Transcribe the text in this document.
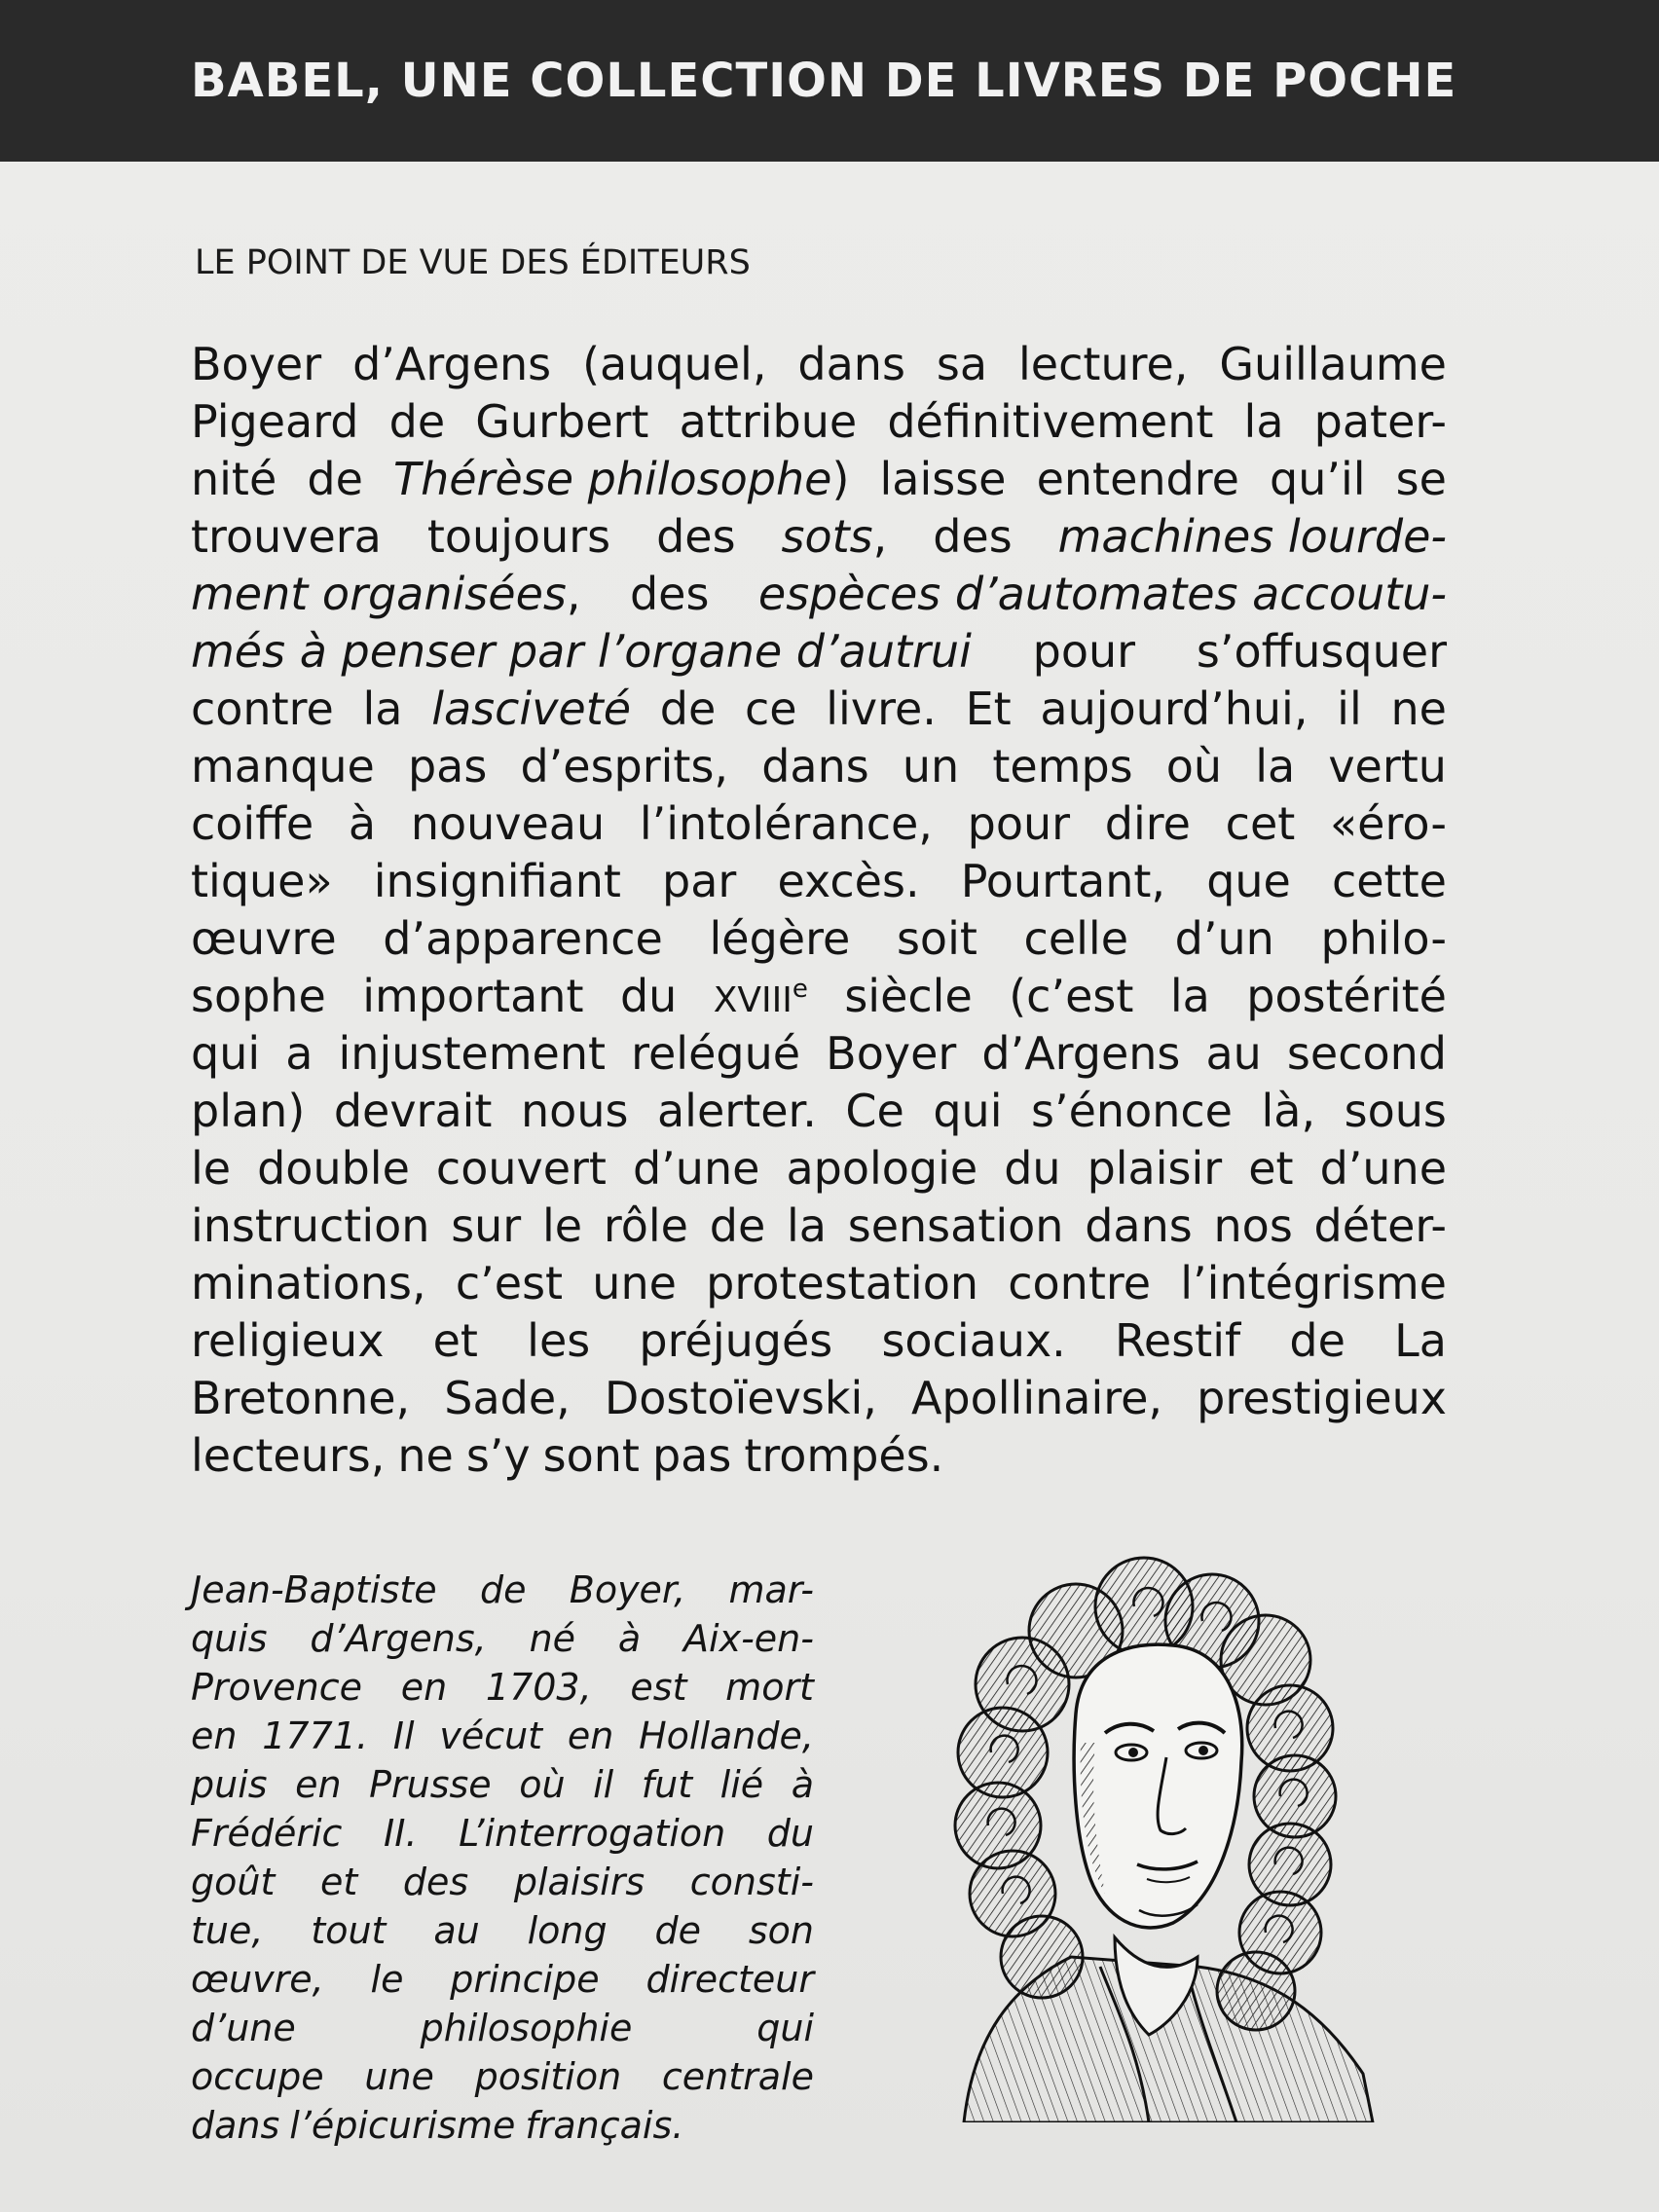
BABEL, UNE COLLECTION DE LIVRES DE POCHE
LE POINT DE VUE DES ÉDITEURS
Boyer d’Argens (auquel, dans sa lecture, Guillaume
Pigeard de Gurbert attribue définitivement la pater-
nité de Thérèse philosophe) laisse entendre qu’il se
trouvera toujours des sots, des machines lourde-
ment organisées, des espèces d’automates accoutu-
més à penser par l’organe d’autrui pour s’offusquer
contre la lasciveté de ce livre. Et aujourd’hui, il ne
manque pas d’esprits, dans un temps où la vertu
coiffe à nouveau l’intolérance, pour dire cet «éro-
tique» insignifiant par excès. Pourtant, que cette
œuvre d’apparence légère soit celle d’un philo-
sophe important du XVIIIe siècle (c’est la postérité
qui a injustement relégué Boyer d’Argens au second
plan) devrait nous alerter. Ce qui s’énonce là, sous
le double couvert d’une apologie du plaisir et d’une
instruction sur le rôle de la sensation dans nos déter-
minations, c’est une protestation contre l’intégrisme
religieux et les préjugés sociaux. Restif de La
Bretonne, Sade, Dostoïevski, Apollinaire, prestigieux
lecteurs, ne s’y sont pas trompés.
Jean-Baptiste de Boyer, mar-
quis d’Argens, né à Aix-en-
Provence en 1703, est mort
en 1771. Il vécut en Hollande,
puis en Prusse où il fut lié à
Frédéric II. L’interrogation du
goût et des plaisirs consti-
tue, tout au long de son
œuvre, le principe directeur
d’une	philosophie	qui
occupe une position centrale
dans l’épicurisme français.
